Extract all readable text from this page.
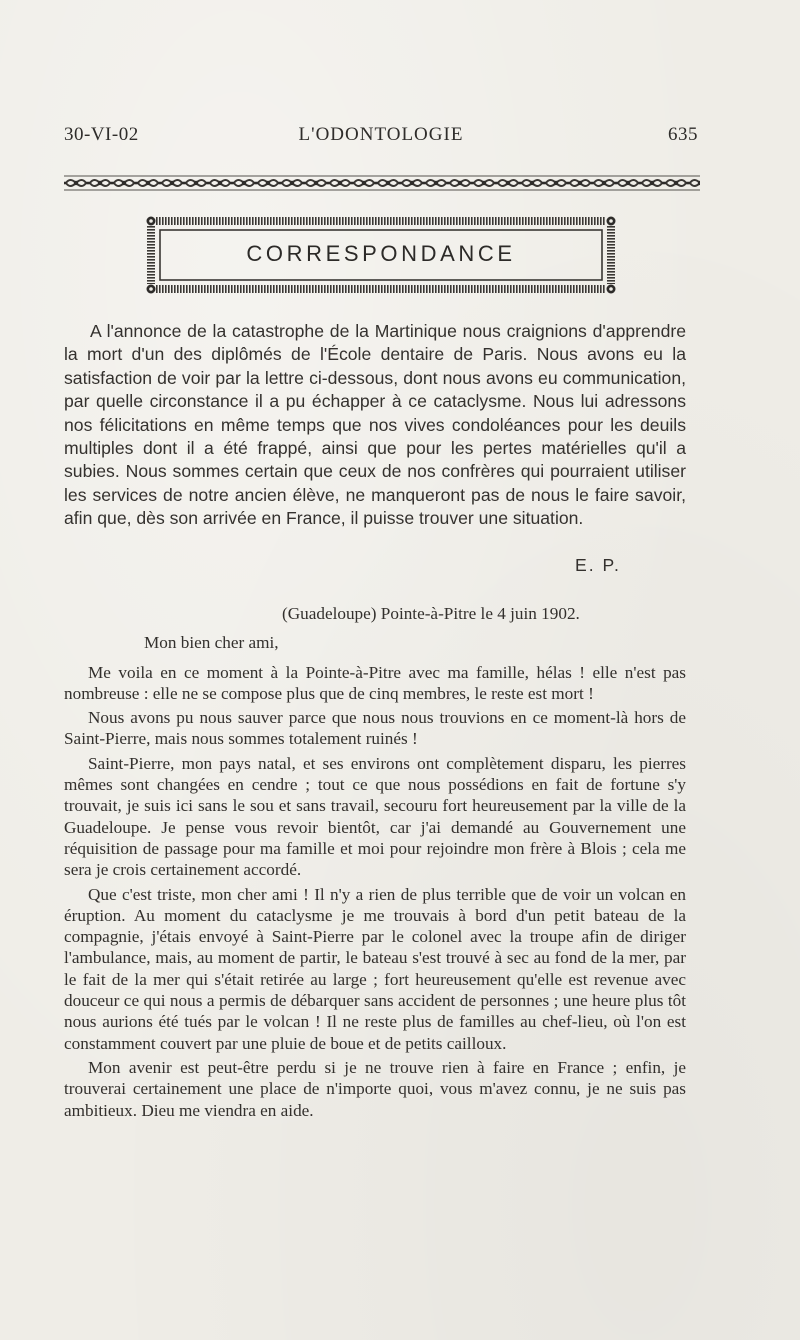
30-VI-02	L'ODONTOLOGIE	635
CORRESPONDANCE

A l'annonce de la catastrophe de la Martinique nous craignions d'apprendre la mort d'un des diplômés de l'École dentaire de Paris. Nous avons eu la satisfaction de voir par la lettre ci-dessous, dont nous avons eu communication, par quelle circonstance il a pu échapper à ce cataclysme. Nous lui adressons nos félicitations en même temps que nos vives condoléances pour les deuils multiples dont il a été frappé, ainsi que pour les pertes matérielles qu'il a subies. Nous sommes certain que ceux de nos confrères qui pourraient utiliser les services de notre ancien élève, ne manqueront pas de nous le faire savoir, afin que, dès son arrivée en France, il puisse trouver une situation.

E. P.

(Guadeloupe) Pointe-à-Pitre le 4 juin 1902.

Mon bien cher ami,

Me voila en ce moment à la Pointe-à-Pitre avec ma famille, hélas ! elle n'est pas nombreuse : elle ne se compose plus que de cinq membres, le reste est mort !

Nous avons pu nous sauver parce que nous nous trouvions en ce moment-là hors de Saint-Pierre, mais nous sommes totalement ruinés !

Saint-Pierre, mon pays natal, et ses environs ont complètement disparu, les pierres mêmes sont changées en cendre ; tout ce que nous possédions en fait de fortune s'y trouvait, je suis ici sans le sou et sans travail, secouru fort heureusement par la ville de la Guadeloupe. Je pense vous revoir bientôt, car j'ai demandé au Gouvernement une réquisition de passage pour ma famille et moi pour rejoindre mon frère à Blois ; cela me sera je crois certainement accordé.

Que c'est triste, mon cher ami ! Il n'y a rien de plus terrible que de voir un volcan en éruption. Au moment du cataclysme je me trouvais à bord d'un petit bateau de la compagnie, j'étais envoyé à Saint-Pierre par le colonel avec la troupe afin de diriger l'ambulance, mais, au moment de partir, le bateau s'est trouvé à sec au fond de la mer, par le fait de la mer qui s'était retirée au large ; fort heureusement qu'elle est revenue avec douceur ce qui nous a permis de débarquer sans accident de personnes ; une heure plus tôt nous aurions été tués par le volcan ! Il ne reste plus de familles au chef-lieu, où l'on est constamment couvert par une pluie de boue et de petits cailloux.

Mon avenir est peut-être perdu si je ne trouve rien à faire en France ; enfin, je trouverai certainement une place de n'importe quoi, vous m'avez connu, je ne suis pas ambitieux. Dieu me viendra en aide.
